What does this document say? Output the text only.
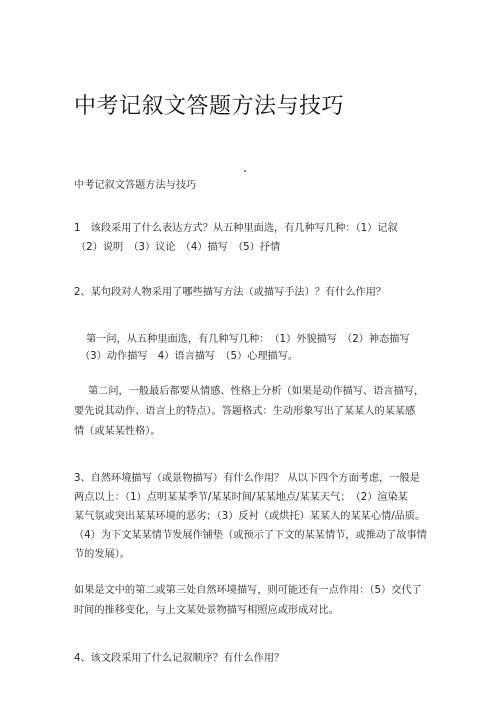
中考记叙文答题方法与技巧
中考记叙文答题方法与技巧
1　该段采用了什么表达方式？从五种里面选，有几种写几种：（1）记叙
（2）说明　（3）议论　（4）描写　（5）抒情
2、某句段对人物采用了哪些描写方法（或描写手法）？有什么作用？
第一问，从五种里面选，有几种写几种：　（1）外貌描写　（2）神态描写
（3）动作描写　4）语言描写　（5）心理描写。
第二问，一般最后都要从情感、性格上分析（如果是动作描写、语言描写，
要先说其动作、语言上的特点）。答题格式：生动形象写出了某某人的某某感
情（或某某性格）。
3、自然环境描写（或景物描写）有什么作用？ 从以下四个方面考虑，一般是
两点以上：（1）点明某某季节/某某时间/某某地点/某某天气；　（2）渲染某
某气氛或突出某某环境的恶劣；（3）反衬（或烘托）某某人的某某心情/品质。
（4）为下文某某情节发展作铺垫（或预示了下文的某某情节，或推动了故事情
节的发展）。
如果是文中的第二或第三处自然环境描写，则可能还有一点作用：（5）交代了
时间的推移变化，与上文某处景物描写相照应或形成对比。
4、该文段采用了什么记叙顺序？有什么作用？
